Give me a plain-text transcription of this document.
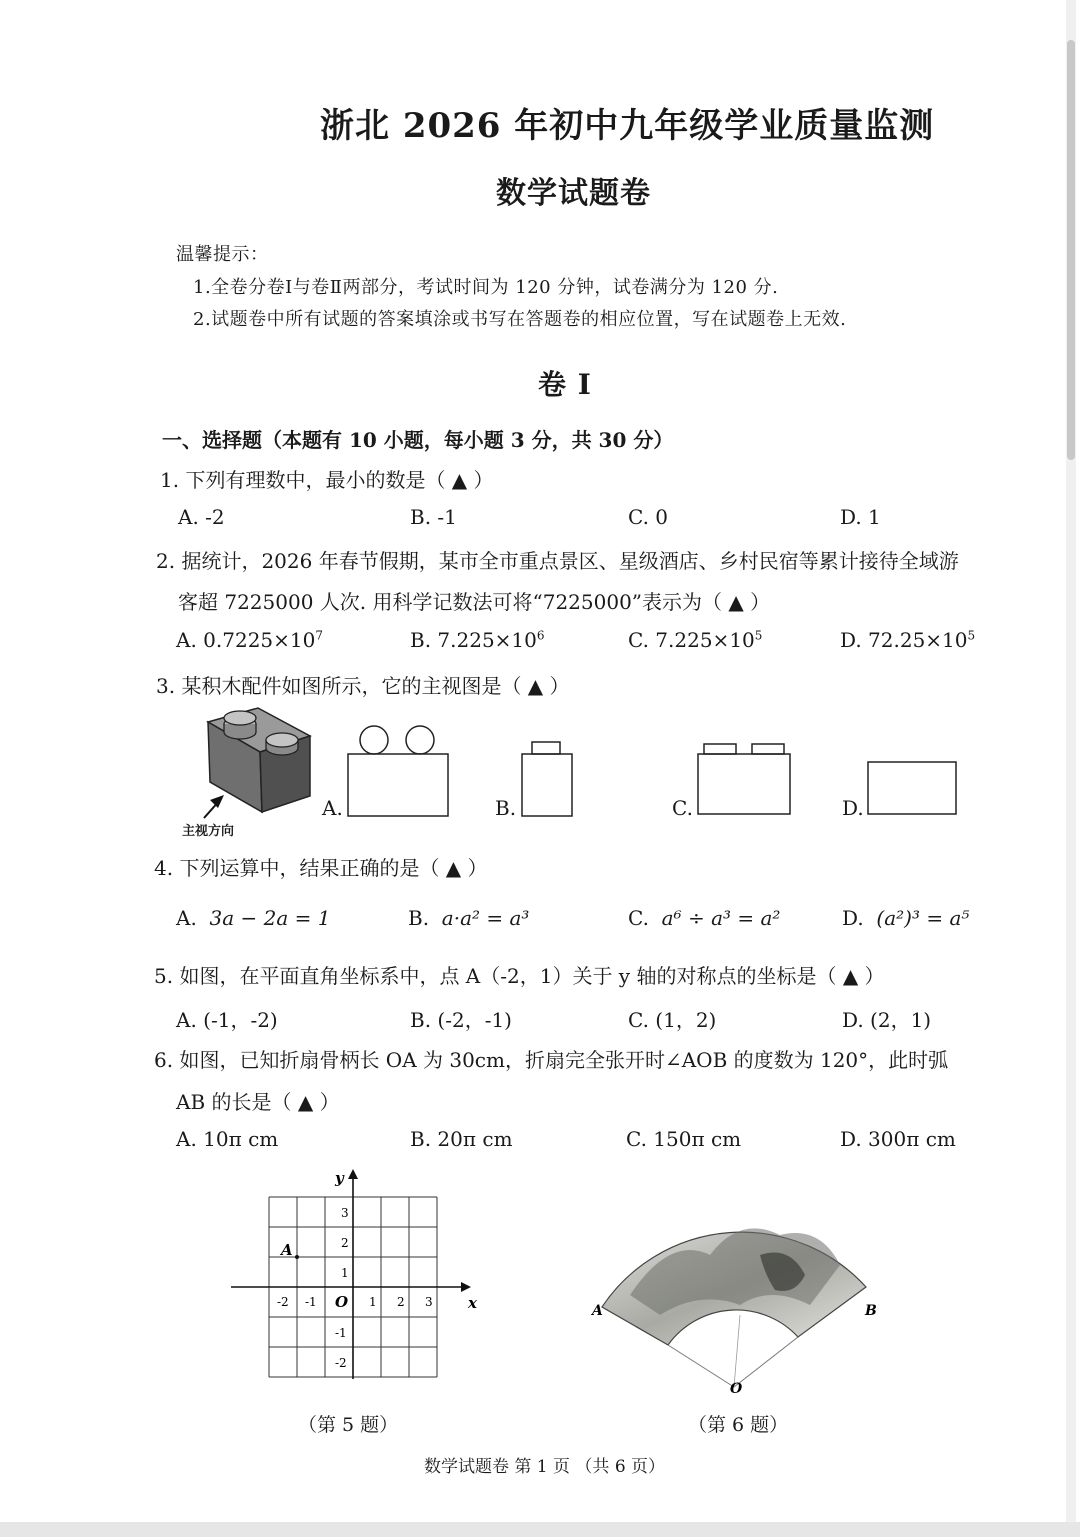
浙北 2026 年初中九年级学业质量监测
数学试题卷
温馨提示：
1.全卷分卷Ⅰ与卷Ⅱ两部分，考试时间为 120 分钟，试卷满分为 120 分.
2.试题卷中所有试题的答案填涂或书写在答题卷的相应位置，写在试题卷上无效.
卷 Ⅰ
一、选择题（本题有 10 小题，每小题 3 分，共 30 分）
1. 下列有理数中，最小的数是（ ▲ ）
A. -2	B. -1	C. 0	D. 1
2. 据统计，2026 年春节假期，某市全市重点景区、星级酒店、乡村民宿等累计接待全域游
客超 7225000 人次. 用科学记数法可将“7225000”表示为（ ▲ ）
A. $0.7225\times 10^7$	B. $7.225\times 10^6$	C. $7.225\times 10^5$	D. $72.25\times 10^5$
3. 某积木配件如图所示，它的主视图是（ ▲ ）
主视方向
A.	B.	C.	D.
4. 下列运算中，结果正确的是（ ▲ ）
A. 3a − 2a = 1	B. a·a² = a³	C. a⁶ ÷ a³ = a²	D. (a²)³ = a⁵
5. 如图，在平面直角坐标系中，点 A（-2，1）关于 y 轴的对称点的坐标是（ ▲ ）
A. (-1，-2)	B. (-2，-1)	C. (1，2)	D. (2，1)
6. 如图，已知折扇骨柄长 OA 为 30cm，折扇完全张开时∠AOB 的度数为 120°，此时弧
AB 的长是（ ▲ ）
A. 10π cm	B. 20π cm	C. 150π cm	D. 300π cm
x
y
O
A
-2 -1	1 2 3
3
2
1
-1
-2
（第 5 题）
A	B
O
（第 6 题）
数学试题卷 第 1 页 （共 6 页）
